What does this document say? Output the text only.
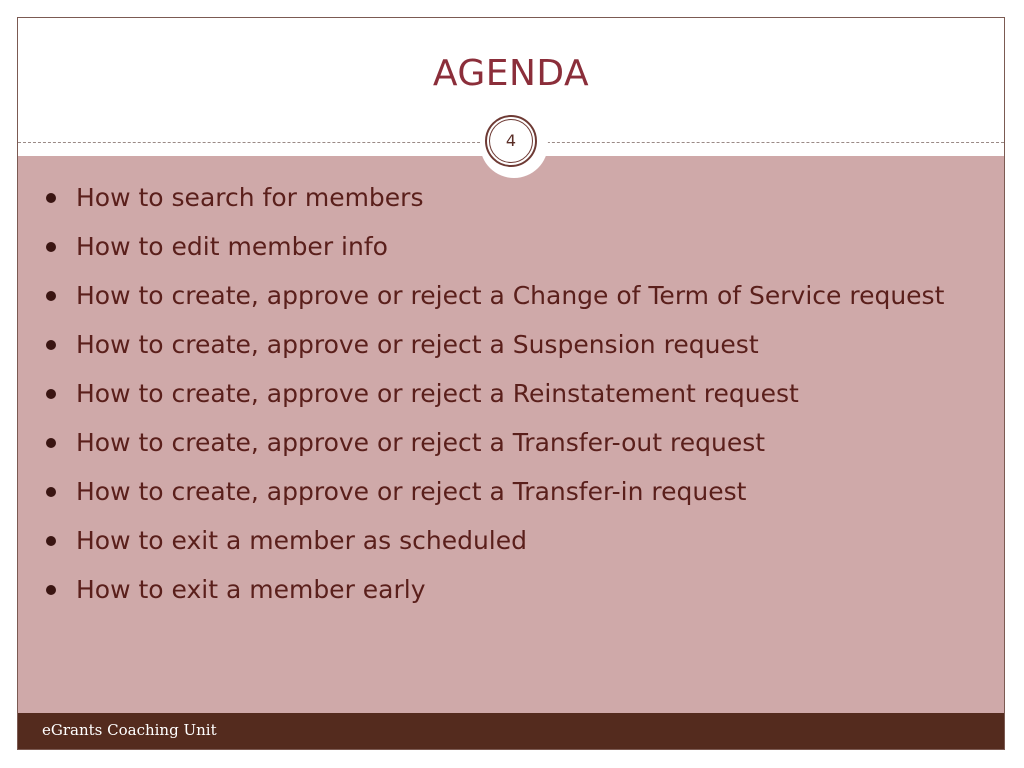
AGENDA
4
How to search for members
How to edit member info
How to create, approve or reject a Change of Term of Service request
How to create, approve or reject a Suspension request
How to create, approve or reject a Reinstatement request
How to create, approve or reject a Transfer-out request
How to create, approve or reject a Transfer-in request
How to exit a member as scheduled
How to exit a member early
eGrants Coaching Unit
